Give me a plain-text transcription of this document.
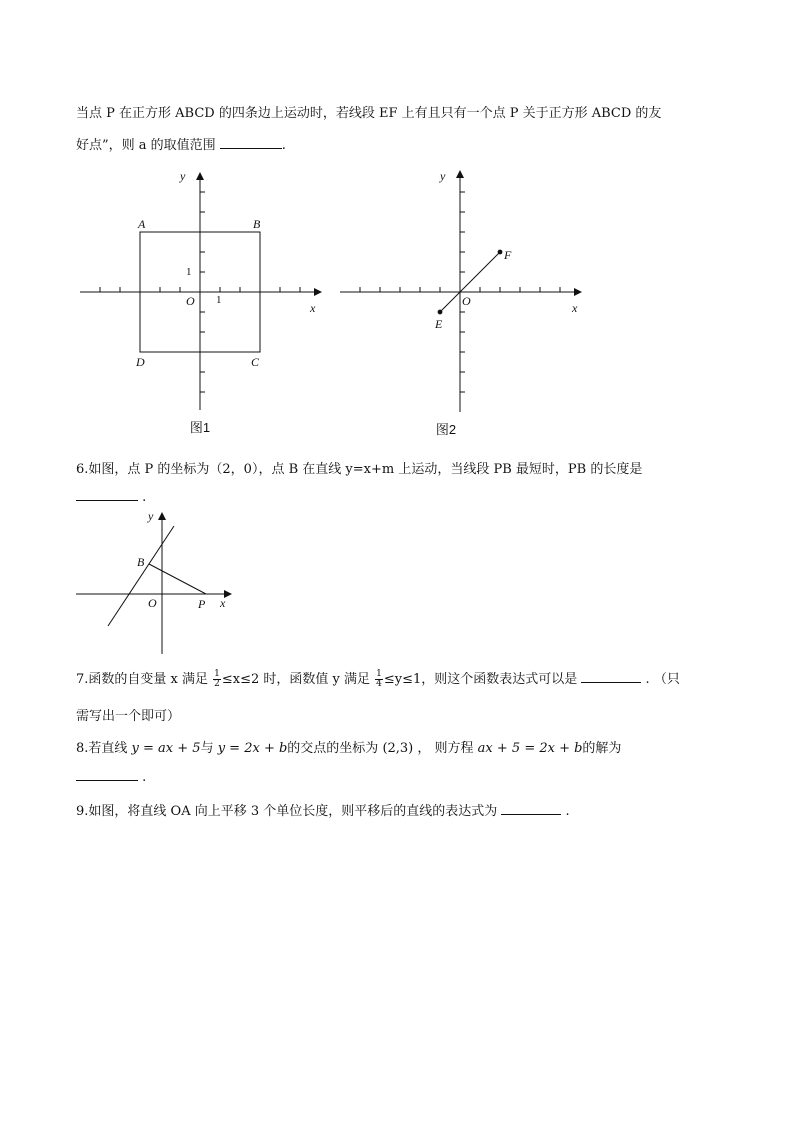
当点 P 在正方形 ABCD 的四条边上运动时，若线段 EF 上有且只有一个点 P 关于正方形 ABCD 的友
好点”，则 a 的取值范围	.
A	B
C
D
O	x
y
1
1
图1
E
F
O	x
y
图2
6.如图，点 P 的坐标为（2，0），点 B 在直线 y=x+m 上运动，当线段 PB 最短时，PB 的长度是
.
B
O	P x
y
7.函数的自变量 x 满足 $\frac{1}{2} \le x\le 2$ 时，函数值 y 满足 $\frac{1}{4} \le y\le 1$，则这个函数表达式可以是	. （只
需写出一个即可）
8.若直线 y = ax + 5与 y = 2x + b的交点的坐标为 (2,3) ， 则方程 ax + 5 = 2x + b的解为
.
9.如图，将直线 OA 向上平移 3 个单位长度，则平移后的直线的表达式为	.
